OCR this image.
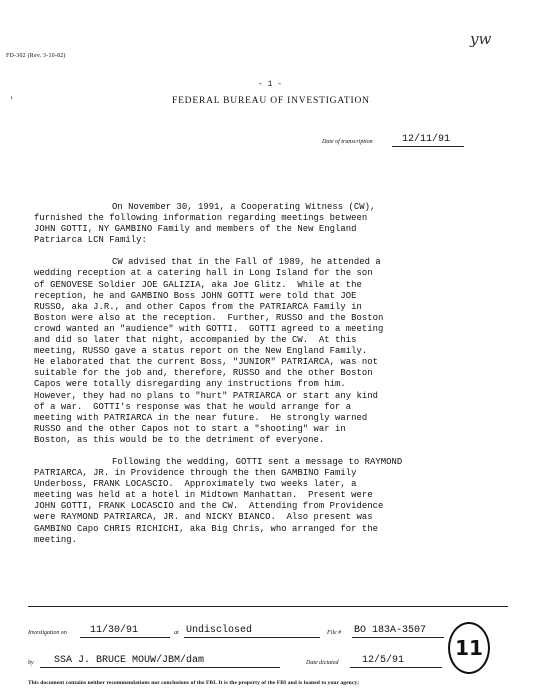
FD-302 (Rev. 3-10-82)
yw
ˈ
- 1 -
FEDERAL BUREAU OF INVESTIGATION
Date of transcription	12/11/91
On November 30, 1991, a Cooperating Witness (CW),
furnished the following information regarding meetings between
JOHN GOTTI, NY GAMBINO Family and members of the New England
Patriarca LCN Family:
CW advised that in the Fall of 1989, he attended a
wedding reception at a catering hall in Long Island for the son
of GENOVESE Soldier JOE GALIZIA, aka Joe Glitz.  While at the
reception, he and GAMBINO Boss JOHN GOTTI were told that JOE
RUSSO, aka J.R., and other Capos from the PATRIARCA Family in
Boston were also at the reception.  Further, RUSSO and the Boston
crowd wanted an "audience" with GOTTI.  GOTTI agreed to a meeting
and did so later that night, accompanied by the CW.  At this
meeting, RUSSO gave a status report on the New England Family.
He elaborated that the current Boss, "JUNIOR" PATRIARCA, was not
suitable for the job and, therefore, RUSSO and the other Boston
Capos were totally disregarding any instructions from him.
However, they had no plans to "hurt" PATRIARCA or start any kind
of a war.  GOTTI's response was that he would arrange for a
meeting with PATRIARCA in the near future.  He strongly warned
RUSSO and the other Capos not to start a "shooting" war in
Boston, as this would be to the detriment of everyone.
Following the wedding, GOTTI sent a message to RAYMOND
PATRIARCA, JR. in Providence through the then GAMBINO Family
Underboss, FRANK LOCASCIO.  Approximately two weeks later, a
meeting was held at a hotel in Midtown Manhattan.  Present were
JOHN GOTTI, FRANK LOCASCIO and the CW.  Attending from Providence
were RAYMOND PATRIARCA, JR. and NICKY BIANCO.  Also present was
GAMBINO Capo CHRIS RICHICHI, aka Big Chris, who arranged for the
meeting.
Investigation on 11/30/91	at Undisclosed	File # BO 183A-3507
11
by SSA J. BRUCE MOUW/JBM/dam	Date dictated 12/5/91
This document contains neither recommendations nor conclusions of the FBI. It is the property of the FBI and is loaned to your agency;
